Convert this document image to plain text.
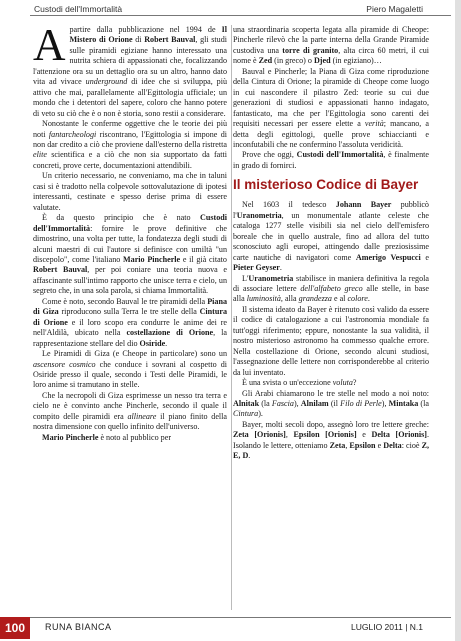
Custodi dell'Immortalità	Piero Magaletti

Apartire dalla pubblicazione nel 1994 de Il Mistero di Orione di Robert Bauval, gli studi sulle piramidi egiziane hanno interessato una nutrita schiera di appassionati che, focalizzando l'attenzione ora su un dettaglio ora su un altro, hanno dato vita ad vivace underground di idee che si sviluppa, più attivo che mai, parallelamente all'Egittologia ufficiale; un mondo che i detentori del sapere, coloro che hanno potere di veto su ciò che è o non è storia, sono restii a considerare.

Nonostante le conferme oggettive che le teorie dei più noti fantarcheologi riscontrano, l'Egittologia si impone di non dar credito a ciò che proviene dall'esterno della ristretta elite scientifica e a ciò che non sia supportato da fatti concreti, prove certe, documentazioni attendibili.

Un criterio necessario, ne conveniamo, ma che in taluni casi si è tradotto nella colpevole sottovalutazione di ipotesi interessanti, cestinate e spesso derise prima di essere valutate.

È da questo principio che è nato Custodi dell'Immortalità: fornire le prove definitive che dimostrino, una volta per tutte, la fondatezza degli studi di alcuni maestri di cui l'autore si definisce con umiltà "un discepolo", come l'italiano Mario Pincherle e il già citato Robert Bauval, per poi coniare una teoria nuova e affascinante sull'intimo rapporto che unisce terra e cielo, un segreto che, in una sola parola, si chiama Immortalità.

Come è noto, secondo Bauval le tre piramidi della Piana di Giza riproducono sulla Terra le tre stelle della Cintura di Orione e il loro scopo era condurre le anime dei re nell'Aldilà, ubicato nella costellazione di Orione, la rappresentazione stellare del dio Osiride.

Le Piramidi di Giza (e Cheope in particolare) sono un ascensore cosmico che conduce i sovrani al cospetto di Osiride presso il quale, secondo i Testi delle Piramidi, le loro anime si tramutano in stelle.

Che la necropoli di Giza esprimesse un nesso tra terra e cielo ne è convinto anche Pincherle, secondo il quale il compito delle piramidi era allineare il piano finito della nostra dimensione con quello infinito dell'universo.

Mario Pincherle è noto al pubblico per

una straordinaria scoperta legata alla piramide di Cheope: Pincherle rilevò che la parte interna della Grande Piramide custodiva una torre di granito, alta circa 60 metri, il cui nome è Zed (in greco) o Djed (in egiziano)…

Bauval e Pincherle; la Piana di Giza come riproduzione della Cintura di Orione; la piramide di Cheope come luogo in cui nascondere il pilastro Zed: teorie su cui due generazioni di studiosi e appassionati hanno indagato, fantasticato, ma che per l'Egittologia sono carenti dei requisiti necessari per essere elette a verità; mancano, a detta degli egittologi, quelle prove schiaccianti e inconfutabili che ne confermino l'assoluta veridicità.

Prove che oggi, Custodi dell'Immortalità, è finalmente in grado di fornirci.

Il misterioso Codice di Bayer

Nel 1603 il tedesco Johann Bayer pubblicò l'Uranometria, un monumentale atlante celeste che cataloga 1277 stelle visibili sia nel cielo dell'emisfero boreale che in quello australe, fino ad allora del tutto sconosciuto agli europei, attingendo dalle preziosissime carte nautiche di navigatori come Amerigo Vespucci e Pieter Geyser.

L'Uranometria stabilisce in maniera definitiva la regola di associare lettere dell'alfabeto greco alle stelle, in base alla luminosità, alla grandezza e al colore.

Il sistema ideato da Bayer è ritenuto così valido da essere il codice di catalogazione a cui l'astronomia mondiale fa tutt'oggi riferimento; eppure, nonostante la sua validità, il nostro misterioso astronomo ha commesso qualche errore. Nella costellazione di Orione, secondo alcuni studiosi, l'assegnazione delle lettere non corrisponderebbe al criterio da lui inventato.

È una svista o un'eccezione voluta?

Gli Arabi chiamarono le tre stelle nel modo a noi noto: Alnitak (la Fascia), Alnilam (il Filo di Perle), Mintaka (la Cintura).

Bayer, molti secoli dopo, assegnò loro tre lettere greche: Zeta [Orionis], Epsilon [Orionis] e Delta [Orionis]. Isolando le lettere, otteniamo Zeta, Epsilon e Delta: cioè Z, E, D.

100	RUNA BIANCA	LUGLIO 2011 | N.1
